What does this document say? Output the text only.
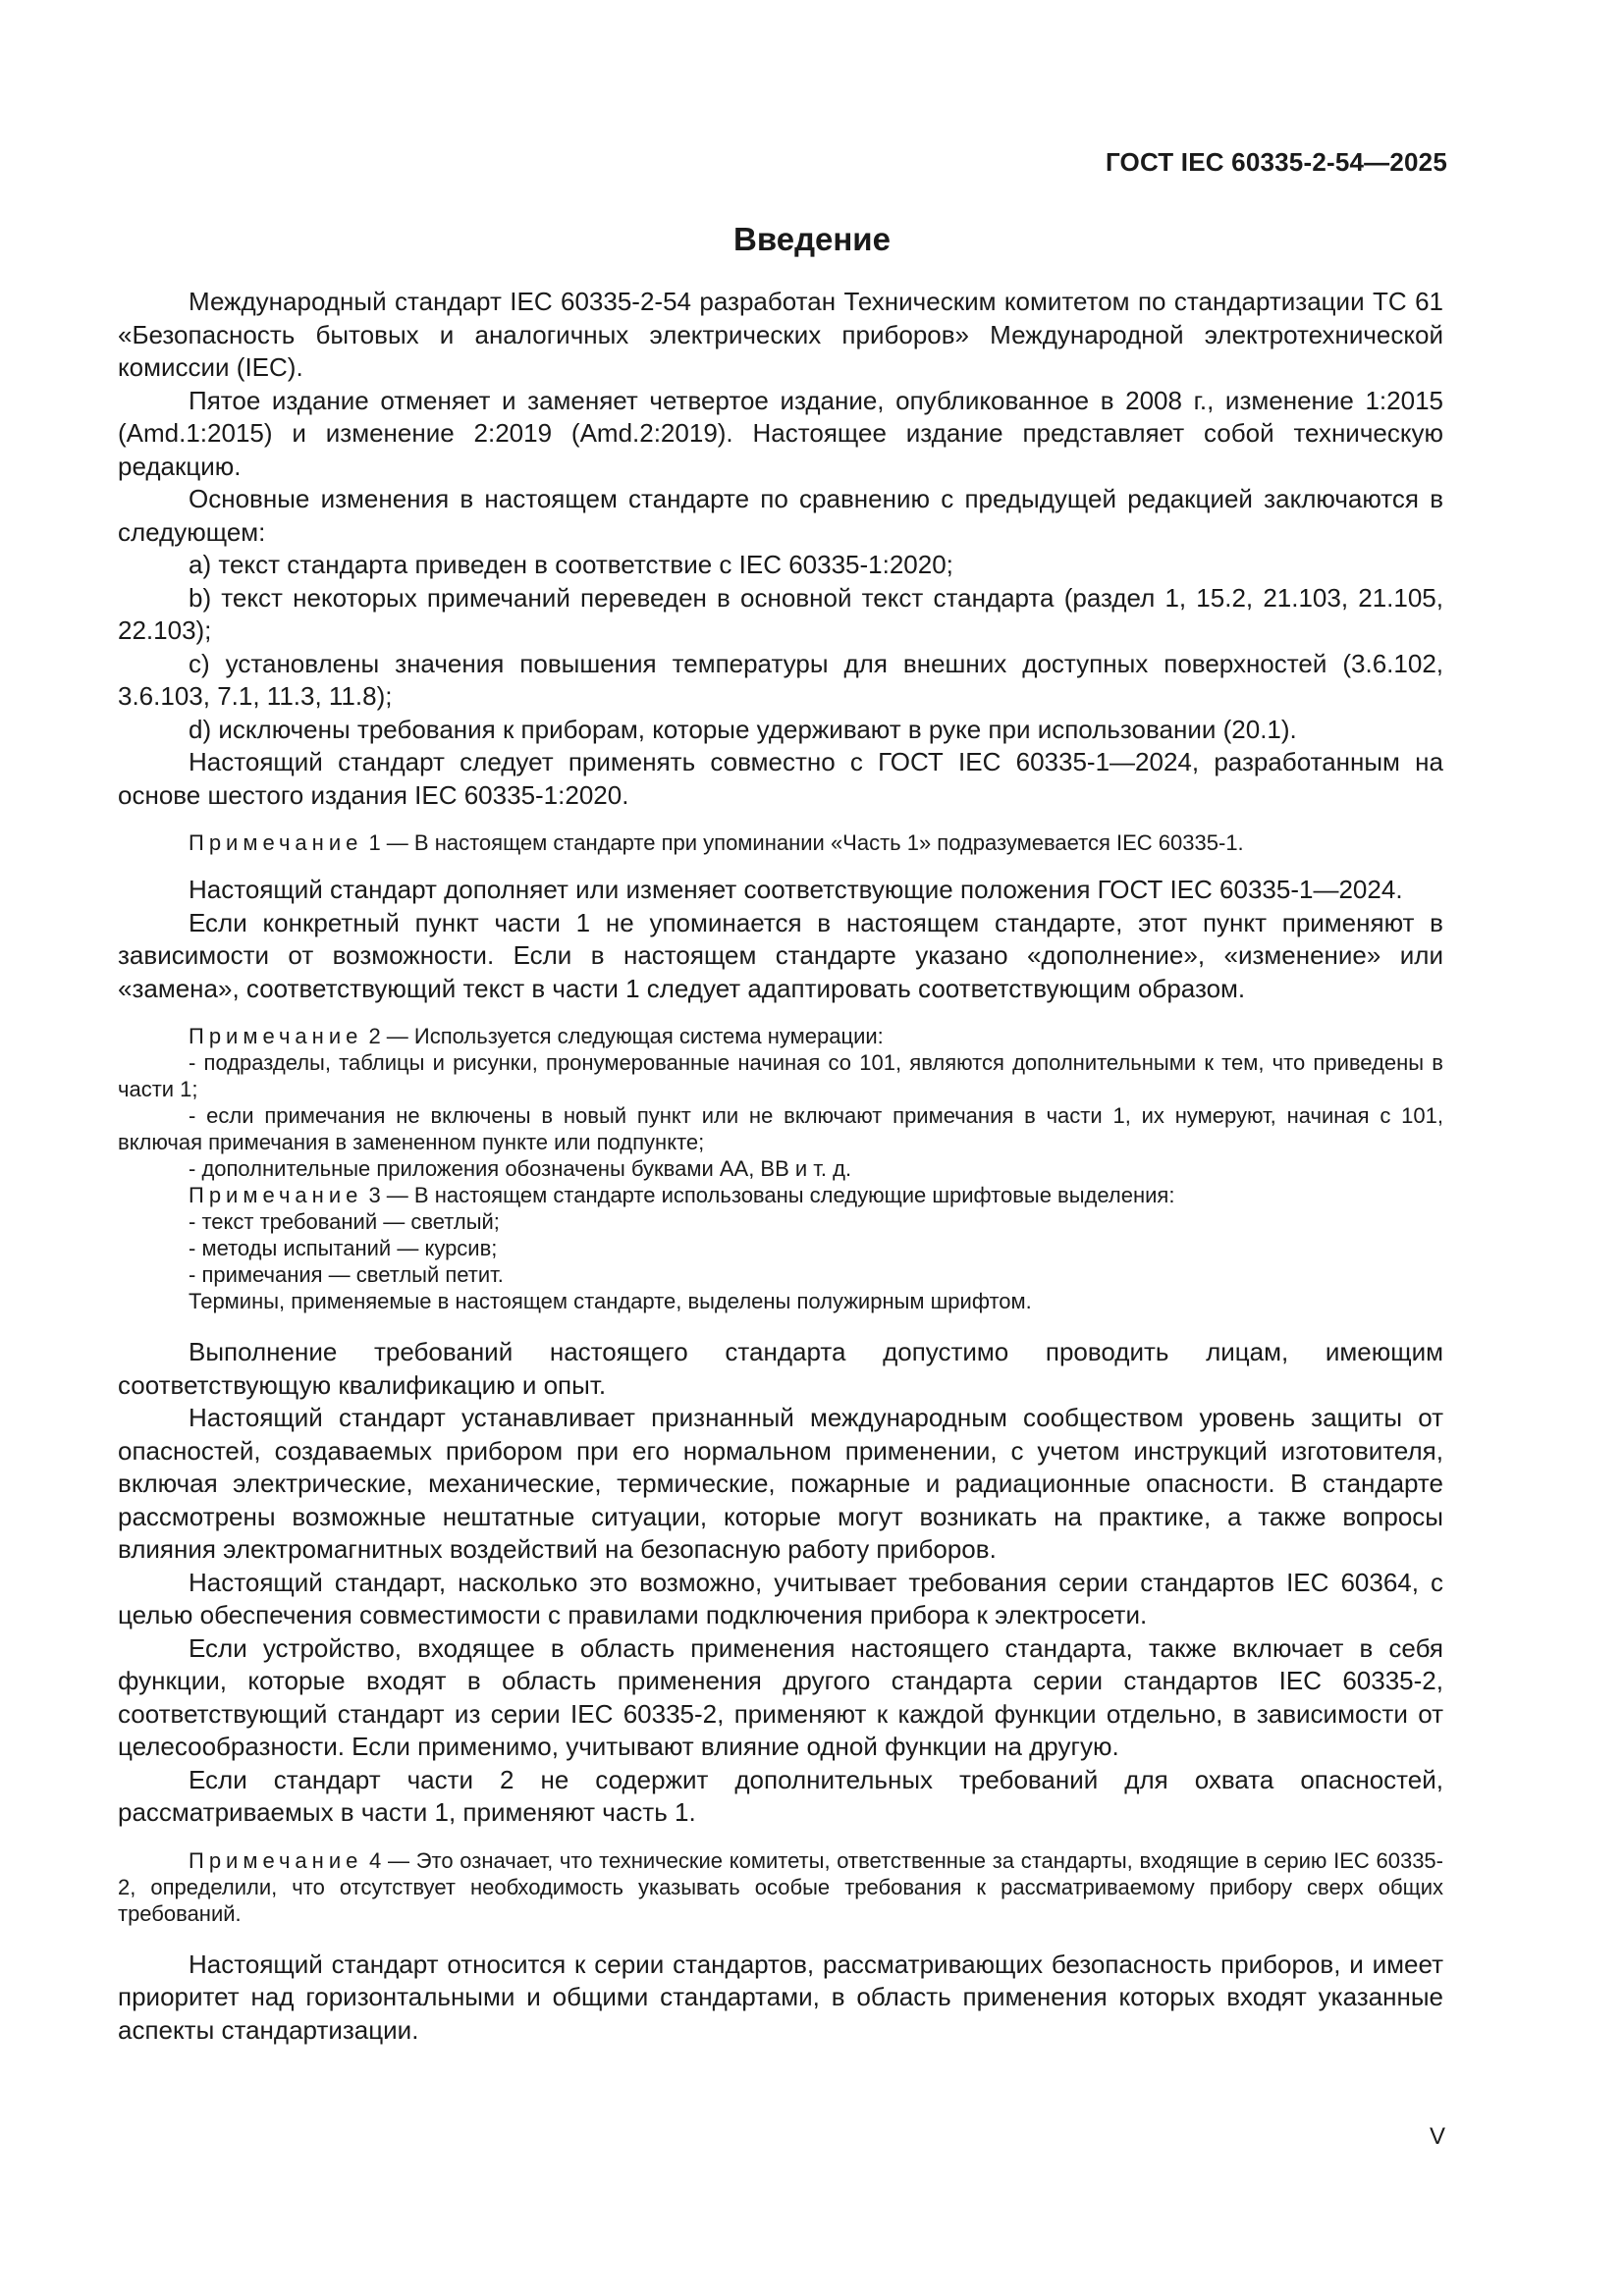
ГОСТ IEC 60335-2-54—2025
Введение

Международный стандарт IEC 60335-2-54 разработан Техническим комитетом по стандартизации ТС 61 «Безопасность бытовых и аналогичных электрических приборов» Международной электротехнической комиссии (IEC).

Пятое издание отменяет и заменяет четвертое издание, опубликованное в 2008 г., изменение 1:2015 (Amd.1:2015) и изменение 2:2019 (Amd.2:2019). Настоящее издание представляет собой техническую редакцию.

Основные изменения в настоящем стандарте по сравнению с предыдущей редакцией заключаются в следующем:

a) текст стандарта приведен в соответствие с IEC 60335-1:2020;

b) текст некоторых примечаний переведен в основной текст стандарта (раздел 1, 15.2, 21.103, 21.105, 22.103);

c) установлены значения повышения температуры для внешних доступных поверхностей (3.6.102, 3.6.103, 7.1, 11.3, 11.8);

d) исключены требования к приборам, которые удерживают в руке при использовании (20.1).

Настоящий стандарт следует применять совместно с ГОСТ IEC 60335-1—2024, разработанным на основе шестого издания IEC 60335-1:2020.

Примечание 1 — В настоящем стандарте при упоминании «Часть 1» подразумевается IEC 60335-1.

Настоящий стандарт дополняет или изменяет соответствующие положения ГОСТ IEC 60335-1—2024.

Если конкретный пункт части 1 не упоминается в настоящем стандарте, этот пункт применяют в зависимости от возможности. Если в настоящем стандарте указано «дополнение», «изменение» или «замена», соответствующий текст в части 1 следует адаптировать соответствующим образом.

Примечание 2 — Используется следующая система нумерации:

- подразделы, таблицы и рисунки, пронумерованные начиная со 101, являются дополнительными к тем, что приведены в части 1;

- если примечания не включены в новый пункт или не включают примечания в части 1, их нумеруют, начиная с 101, включая примечания в замененном пункте или подпункте;

- дополнительные приложения обозначены буквами AA, BB и т. д.

Примечание 3 — В настоящем стандарте использованы следующие шрифтовые выделения:

- текст требований — светлый;

- методы испытаний — курсив;

- примечания — светлый петит.

Термины, применяемые в настоящем стандарте, выделены полужирным шрифтом.

Выполнение требований настоящего стандарта допустимо проводить лицам, имеющим соответствующую квалификацию и опыт.

Настоящий стандарт устанавливает признанный международным сообществом уровень защиты от опасностей, создаваемых прибором при его нормальном применении, с учетом инструкций изготовителя, включая электрические, механические, термические, пожарные и радиационные опасности. В стандарте рассмотрены возможные нештатные ситуации, которые могут возникать на практике, а также вопросы влияния электромагнитных воздействий на безопасную работу приборов.

Настоящий стандарт, насколько это возможно, учитывает требования серии стандартов IEC 60364, с целью обеспечения совместимости с правилами подключения прибора к электросети.

Если устройство, входящее в область применения настоящего стандарта, также включает в себя функции, которые входят в область применения другого стандарта серии стандартов IEC 60335-2, соответствующий стандарт из серии IEC 60335-2, применяют к каждой функции отдельно, в зависимости от целесообразности. Если применимо, учитывают влияние одной функции на другую.

Если стандарт части 2 не содержит дополнительных требований для охвата опасностей, рассматриваемых в части 1, применяют часть 1.

Примечание 4 — Это означает, что технические комитеты, ответственные за стандарты, входящие в серию IEC 60335-2, определили, что отсутствует необходимость указывать особые требования к рассматриваемому прибору сверх общих требований.

Настоящий стандарт относится к серии стандартов, рассматривающих безопасность приборов, и имеет приоритет над горизонтальными и общими стандартами, в область применения которых входят указанные аспекты стандартизации.

V
